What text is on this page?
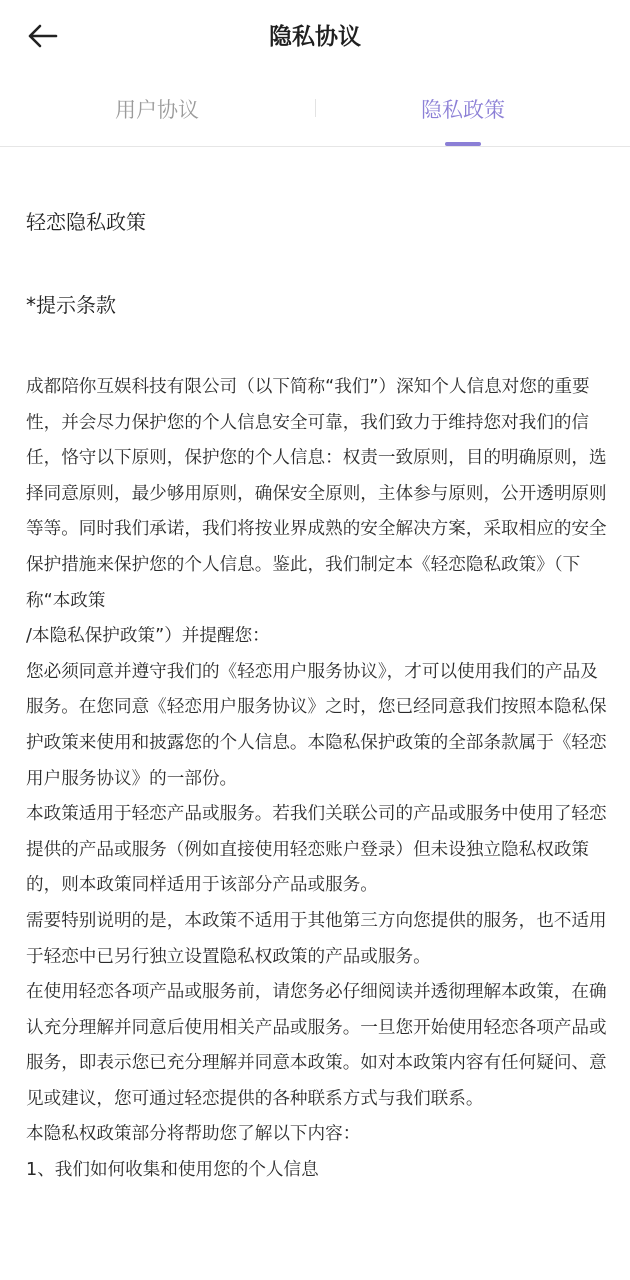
隐私协议
用户协议	隐私政策
轻恋隐私政策
*提示条款

成都陪你互娱科技有限公司（以下简称“我们”）深知个人信息对您的重要性，并会尽力保护您的个人信息安全可靠，我们致力于维持您对我们的信任，恪守以下原则，保护您的个人信息：权责一致原则，目的明确原则，选择同意原则，最少够用原则，确保安全原则，主体参与原则，公开透明原则等等。同时我们承诺，我们将按业界成熟的安全解决方案，采取相应的安全保护措施来保护您的个人信息。鉴此，我们制定本《轻恋隐私政策》（下称“本政策

/本隐私保护政策”）并提醒您：

您必须同意并遵守我们的《轻恋用户服务协议》，才可以使用我们的产品及服务。在您同意《轻恋用户服务协议》之时，您已经同意我们按照本隐私保护政策来使用和披露您的个人信息。本隐私保护政策的全部条款属于《轻恋用户服务协议》的一部份。

本政策适用于轻恋产品或服务。若我们关联公司的产品或服务中使用了轻恋提供的产品或服务（例如直接使用轻恋账户登录）但未设独立隐私权政策的，则本政策同样适用于该部分产品或服务。

需要特别说明的是，本政策不适用于其他第三方向您提供的服务，也不适用于轻恋中已另行独立设置隐私权政策的产品或服务。

在使用轻恋各项产品或服务前，请您务必仔细阅读并透彻理解本政策，在确认充分理解并同意后使用相关产品或服务。一旦您开始使用轻恋各项产品或服务，即表示您已充分理解并同意本政策。如对本政策内容有任何疑问、意见或建议，您可通过轻恋提供的各种联系方式与我们联系。

本隐私权政策部分将帮助您了解以下内容：

1、我们如何收集和使用您的个人信息
